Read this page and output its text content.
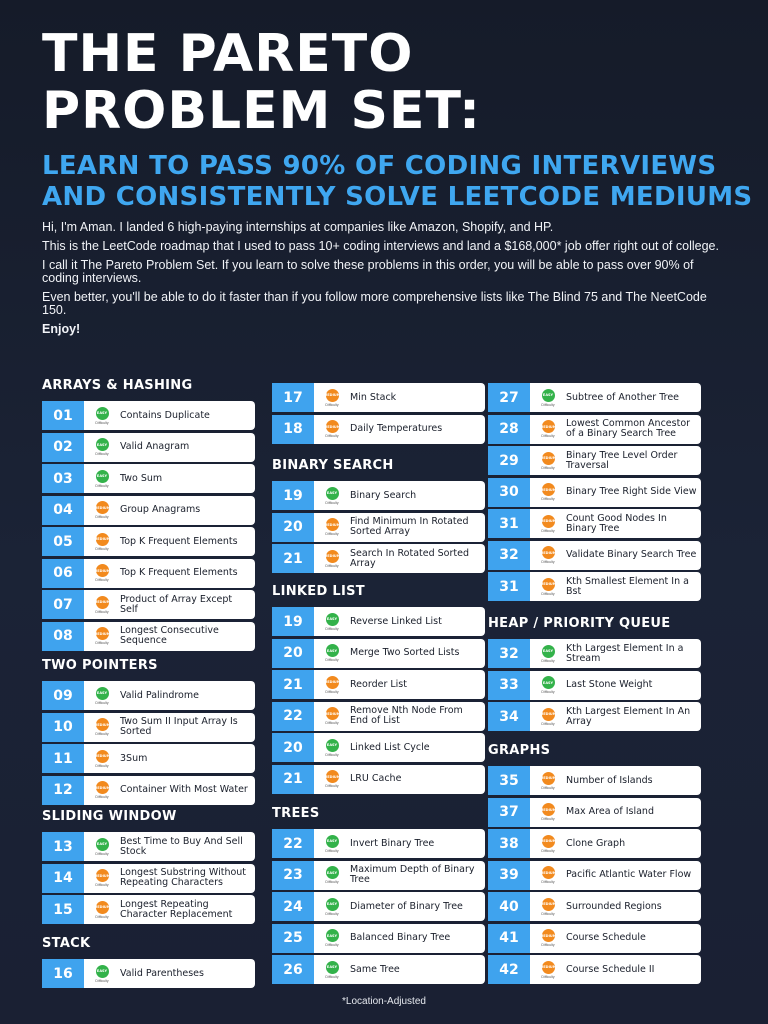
THE PARETO
PROBLEM SET:
LEARN TO PASS 90% OF CODING INTERVIEWS
AND CONSISTENTLY SOLVE LEETCODE MEDIUMS

Hi, I'm Aman. I landed 6 high-paying internships at companies like Amazon, Shopify, and HP.

This is the LeetCode roadmap that I used to pass 10+ coding interviews and land a $168,000* job offer right out of college.

I call it The Pareto Problem Set. If you learn to solve these problems in this order, you will be able to pass over 90% of coding interviews.

Even better, you'll be able to do it faster than if you follow more comprehensive lists like The Blind 75 and The NeetCode 150.

Enjoy!

ARRAYS & HASHING
01	EASY
Difficulty
Contains Duplicate
02	EASY
Difficulty
Valid Anagram
03	EASY
Difficulty
Two Sum
04	MEDIUM
Difficulty
Group Anagrams
05	MEDIUM
Difficulty
Top K Frequent Elements
06	MEDIUM
Difficulty
Top K Frequent Elements
07	MEDIUM
Difficulty
Product of Array Except Self
08	MEDIUM
Difficulty
Longest Consecutive Sequence
TWO POINTERS
09	EASY
Difficulty
Valid Palindrome
10	MEDIUM
Difficulty
Two Sum II Input Array Is Sorted
11	MEDIUM
Difficulty
3Sum
12	MEDIUM
Difficulty
Container With Most Water
SLIDING WINDOW
13	EASY
Difficulty
Best Time to Buy And Sell Stock
14	MEDIUM
Difficulty
Longest Substring Without Repeating Characters
15	MEDIUM
Difficulty
Longest Repeating Character Replacement
STACK
16	EASY
Difficulty
Valid Parentheses
17	MEDIUM
Difficulty
Min Stack
18	MEDIUM
Difficulty
Daily Temperatures
BINARY SEARCH
19	EASY
Difficulty
Binary Search
20	MEDIUM
Difficulty
Find Minimum In Rotated Sorted Array
21	MEDIUM
Difficulty
Search In Rotated Sorted Array
LINKED LIST
19	EASY
Difficulty
Reverse Linked List
20	EASY
Difficulty
Merge Two Sorted Lists
21	MEDIUM
Difficulty
Reorder List
22	MEDIUM
Difficulty
Remove Nth Node From End of List
20	EASY
Difficulty
Linked List Cycle
21	MEDIUM
Difficulty
LRU Cache
TREES
22	EASY
Difficulty
Invert Binary Tree
23	EASY
Difficulty
Maximum Depth of Binary Tree
24	EASY
Difficulty
Diameter of Binary Tree
25	EASY
Difficulty
Balanced Binary Tree
26	EASY
Difficulty
Same Tree
27	EASY
Difficulty
Subtree of Another Tree
28	MEDIUM
Difficulty
Lowest Common Ancestor of a Binary Search Tree
29	MEDIUM
Difficulty
Binary Tree Level Order Traversal
30	MEDIUM
Difficulty
Binary Tree Right Side View
31	MEDIUM
Difficulty
Count Good Nodes In Binary Tree
32	MEDIUM
Difficulty
Validate Binary Search Tree
31	MEDIUM
Difficulty
Kth Smallest Element In a Bst
HEAP / PRIORITY QUEUE
32	EASY
Difficulty
Kth Largest Element In a Stream
33	EASY
Difficulty
Last Stone Weight
34	MEDIUM
Difficulty
Kth Largest Element In An Array
GRAPHS
35	MEDIUM
Difficulty
Number of Islands
37	MEDIUM
Difficulty
Max Area of Island
38	MEDIUM
Difficulty
Clone Graph
39	MEDIUM
Difficulty
Pacific Atlantic Water Flow
40	MEDIUM
Difficulty
Surrounded Regions
41	MEDIUM
Difficulty
Course Schedule
42	MEDIUM
Difficulty
Course Schedule II
*Location-Adjusted
